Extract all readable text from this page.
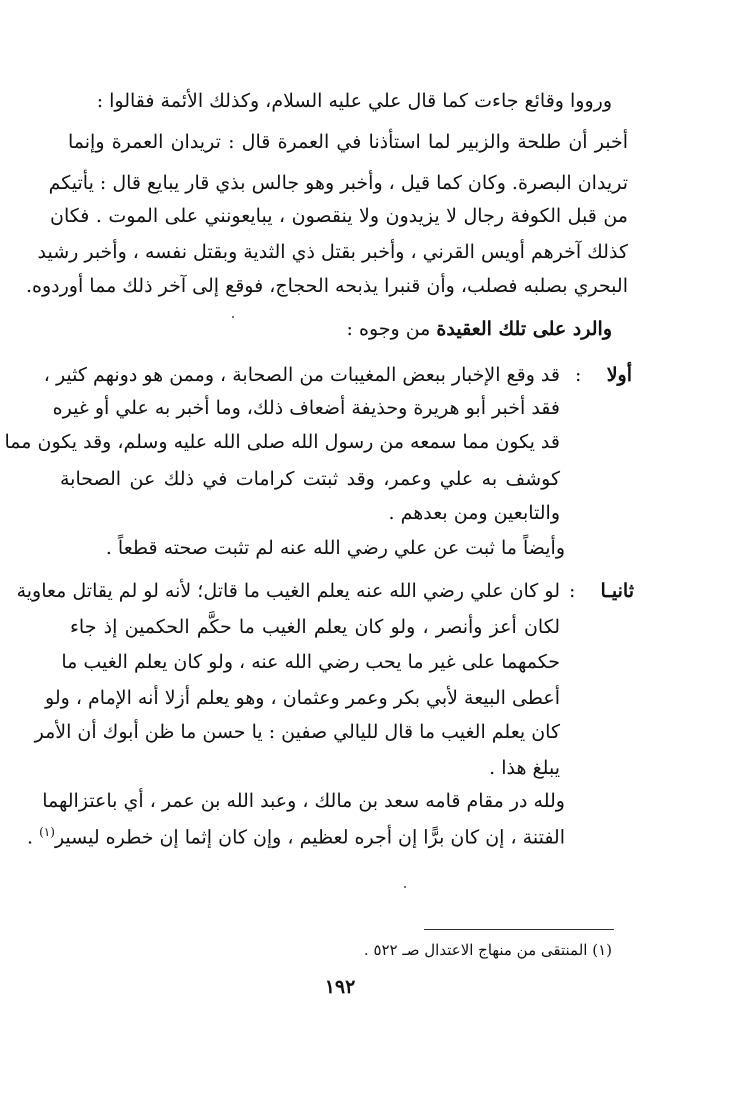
ورووا وقائع جاءت كما قال علي عليه السلام، وكذلك الأئمة فقالوا :
أخبر أن طلحة والزبير لما استأذنا في العمرة قال : تريدان العمرة وإنما
تريدان البصرة. وكان كما قيل ، وأخبر وهو جالس بذي قار يبايع قال : يأتيكم
من قبل الكوفة رجال لا يزيدون ولا ينقصون ، يبايعونني على الموت . فكان
كذلك آخرهم أويس القرني ، وأخبر بقتل ذي الثدية وبقتل نفسه ، وأخبر رشيد
البحري بصلبه فصلب، وأن قنبرا يذبحه الحجاج، فوقع إلى آخر ذلك مما أوردوه.
والرد على تلك العقيدة من وجوه :
أولا
:
قد وقع الإخبار ببعض المغيبات من الصحابة ، وممن هو دونهم كثير ،
فقد أخبر أبو هريرة وحذيفة أضعاف ذلك، وما أخبر به علي أو غيره
قد يكون مما سمعه من رسول الله صلى الله عليه وسلم، وقد يكون مما
كوشف به علي وعمر، وقد ثبتت كرامات في ذلك عن الصحابة
والتابعين ومن بعدهم .
وأيضاً ما ثبت عن علي رضي الله عنه لم تثبت صحته قطعاً .
ثانيـا
:
لو كان علي رضي الله عنه يعلم الغيب ما قاتل؛ لأنه لو لم يقاتل معاوية
لكان أعز وأنصر ، ولو كان يعلم الغيب ما حكَّم الحكمين إذ جاء
حكمهما على غير ما يحب رضي الله عنه ، ولو كان يعلم الغيب ما
أعطى البيعة لأبي بكر وعمر وعثمان ، وهو يعلم أزلا أنه الإمام ، ولو
كان يعلم الغيب ما قال لليالي صفين : يا حسن ما ظن أبوك أن الأمر
يبلغ هذا .
ولله در مقام قامه سعد بن مالك ، وعبد الله بن عمر ، أي باعتزالهما
الفتنة ، إن كان برًّا إن أجره لعظيم ، وإن كان إثما إن خطره ليسير$^{(١)}$ .
(١) المنتقى من منهاج الاعتدال صـ ٥٢٢ .
١٩٢
